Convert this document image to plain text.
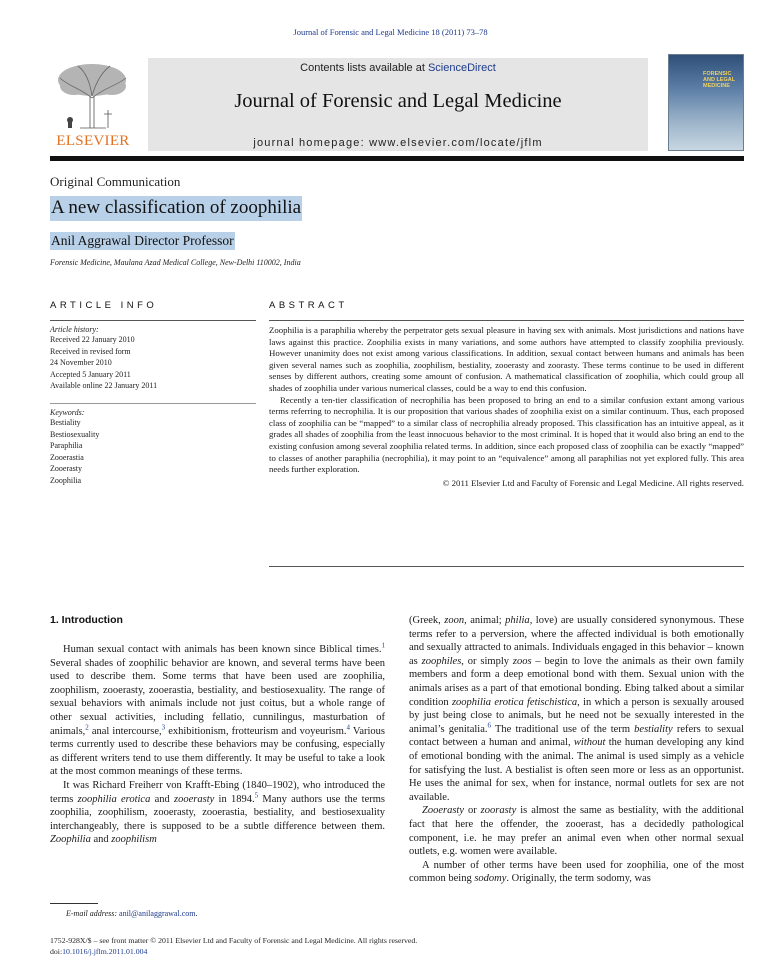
Journal of Forensic and Legal Medicine 18 (2011) 73–78
ELSEVIER
Contents lists available at ScienceDirect
Journal of Forensic and Legal Medicine
journal homepage: www.elsevier.com/locate/jflm
FORENSIC AND LEGAL MEDICINE
Original Communication
A new classification of zoophilia
Anil Aggrawal Director Professor
Forensic Medicine, Maulana Azad Medical College, New-Delhi 110002, India
ARTICLE INFO
Article history:
Received 22 January 2010
Received in revised form
24 November 2010
Accepted 5 January 2011
Available online 22 January 2011
Keywords:
Bestiality
Bestiosexuality
Paraphilia
Zooerastia
Zooerasty
Zoophilia
ABSTRACT

Zoophilia is a paraphilia whereby the perpetrator gets sexual pleasure in having sex with animals. Most jurisdictions and nations have laws against this practice. Zoophilia exists in many variations, and some authors have attempted to classify zoophilia previously. However unanimity does not exist among various classifications. In addition, sexual contact between humans and animals has been given several names such as zoophilia, zoophilism, bestiality, zooerasty and zoorasty. These terms continue to be used in different senses by different authors, creating some amount of confusion. A mathematical classification of zoophilia, which could group all shades of zoophilia under various numerical classes, could be a way to end this confusion.

Recently a ten-tier classification of necrophilia has been proposed to bring an end to a similar confusion extant among various terms referring to necrophilia. It is our proposition that various shades of zoophilia exist on a similar continuum. Thus, each proposed class of zoophilia can be “mapped” to a similar class of necrophilia already proposed. This classification has an intuitive appeal, as it grades all shades of zoophilia from the least innocuous behavior to the most criminal. It is hoped that it would also bring an end to the existing confusion among several zoophilia related terms. In addition, since each proposed class of zoophilia can be exactly “mapped” to classes of another paraphilia (necrophilia), it may point to an “equivalence” among all paraphilias not yet explored fully. This area needs further exploration.

© 2011 Elsevier Ltd and Faculty of Forensic and Legal Medicine. All rights reserved.
1. Introduction

Human sexual contact with animals has been known since Biblical times.$^1$ Several shades of zoophilic behavior are known, and several terms have been used to describe them. Some terms that have been used are zoophilia, zoophilism, zooerasty, zooerastia, bestiality, and bestiosexuality. The range of sexual behaviors with animals include not just coitus, but a whole range of other sexual activities, including fellatio, cunnilingus, masturbation of animals,$^2$ anal intercourse,$^3$ exhibitionism, frotteurism and voyeurism.$^4$ Various terms currently used to describe these behaviors may be confusing, especially as different writers tend to use them differently. It may be useful to take a look at the most common meanings of these terms.

It was Richard Freiherr von Krafft-Ebing (1840–1902), who introduced the terms zoophilia erotica and zooerasty in 1894.$^5$ Many authors use the terms zoophilia, zoophilism, zooerasty, zooerastia, bestiality, and bestiosexuality interchangeably, there is supposed to be a subtle difference between them. Zoophilia and zoophilism

(Greek, zoon, animal; philia, love) are usually considered synonymous. These terms refer to a perversion, where the affected individual is both emotionally and sexually attracted to animals. Individuals engaged in this behavior – known as zoophiles, or simply zoos – begin to love the animals as their own family members and form a deep emotional bond with them. Sexual union with the animals arises as a part of that emotional bonding. Ebing talked about a similar condition zoophilia erotica fetischistica, in which a person is sexually aroused by just being close to animals, but he need not be sexually interested in the animal’s genitalia.$^6$ The traditional use of the term bestiality refers to sexual contact between a human and animal, without the human developing any kind of emotional bonding with the animal. The animal is used simply as a vehicle for satisfying the lust. A bestialist is often seen more or less as an opportunist. He uses the animal for sex, when for instance, normal outlets for sex are not available.

Zooerasty or zoorasty is almost the same as bestiality, with the additional fact that here the offender, the zooerast, has a decidedly pathological component, i.e. he may prefer an animal even when other normal sexual outlets, e.g. women were available.

A number of other terms have been used for zoophilia, one of the most common being sodomy. Originally, the term sodomy, was

E-mail address: anil@anilaggrawal.com.
1752-928X/$ – see front matter © 2011 Elsevier Ltd and Faculty of Forensic and Legal Medicine. All rights reserved.
doi:10.1016/j.jflm.2011.01.004
